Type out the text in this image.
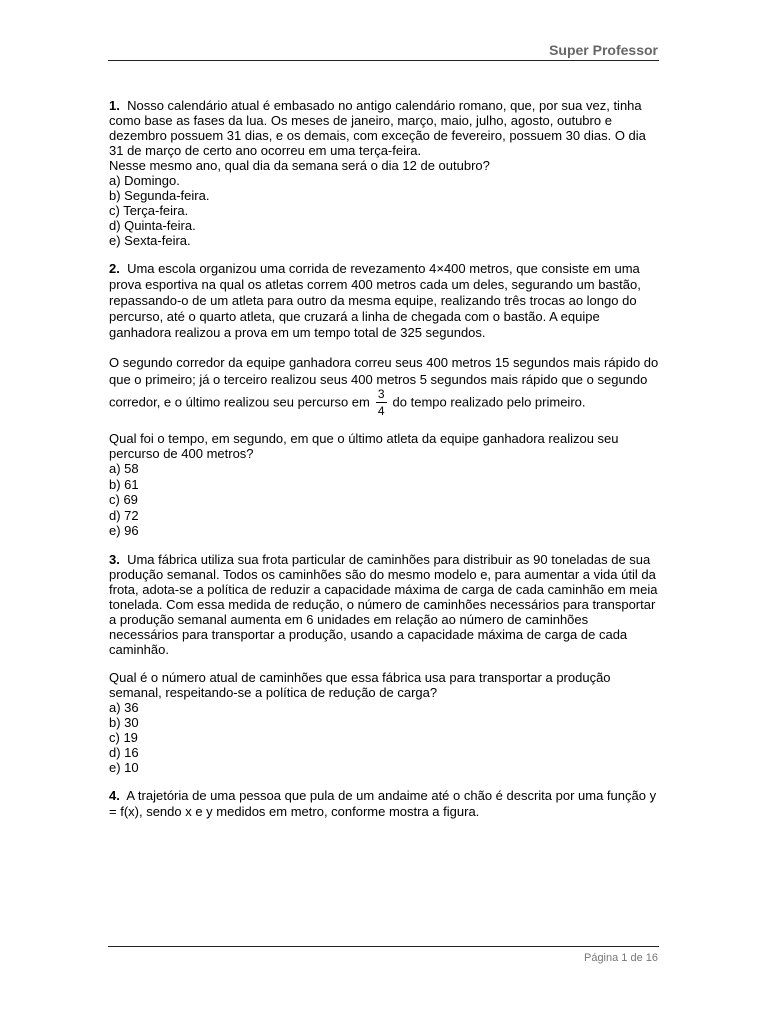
Super Professor

1. Nosso calendário atual é embasado no antigo calendário romano, que, por sua vez, tinha como base as fases da lua. Os meses de janeiro, março, maio, julho, agosto, outubro e dezembro possuem 31 dias, e os demais, com exceção de fevereiro, possuem 30 dias. O dia 31 de março de certo ano ocorreu em uma terça-feira.

Nesse mesmo ano, qual dia da semana será o dia 12 de outubro?

a) Domingo.
b) Segunda-feira.
c) Terça-feira.
d) Quinta-feira.
e) Sexta-feira.

2. Uma escola organizou uma corrida de revezamento 4×400 metros, que consiste em uma prova esportiva na qual os atletas correm 400 metros cada um deles, segurando um bastão, repassando-o de um atleta para outro da mesma equipe, realizando três trocas ao longo do percurso, até o quarto atleta, que cruzará a linha de chegada com o bastão. A equipe ganhadora realizou a prova em um tempo total de 325 segundos.

O segundo corredor da equipe ganhadora correu seus 400 metros 15 segundos mais rápido do que o primeiro; já o terceiro realizou seus 400 metros 5 segundos mais rápido que o segundo corredor, e o último realizou seu percurso em $\frac{3}{4}$ do tempo realizado pelo primeiro.

Qual foi o tempo, em segundo, em que o último atleta da equipe ganhadora realizou seu percurso de 400 metros?

a) 58
b) 61
c) 69
d) 72
e) 96

3. Uma fábrica utiliza sua frota particular de caminhões para distribuir as 90 toneladas de sua produção semanal. Todos os caminhões são do mesmo modelo e, para aumentar a vida útil da frota, adota-se a política de reduzir a capacidade máxima de carga de cada caminhão em meia tonelada. Com essa medida de redução, o número de caminhões necessários para transportar a produção semanal aumenta em 6 unidades em relação ao número de caminhões necessários para transportar a produção, usando a capacidade máxima de carga de cada caminhão.

Qual é o número atual de caminhões que essa fábrica usa para transportar a produção semanal, respeitando-se a política de redução de carga?

a) 36
b) 30
c) 19
d) 16
e) 10

4. A trajetória de uma pessoa que pula de um andaime até o chão é descrita por uma função y = f(x), sendo x e y medidos em metro, conforme mostra a figura.

Página 1 de 16
